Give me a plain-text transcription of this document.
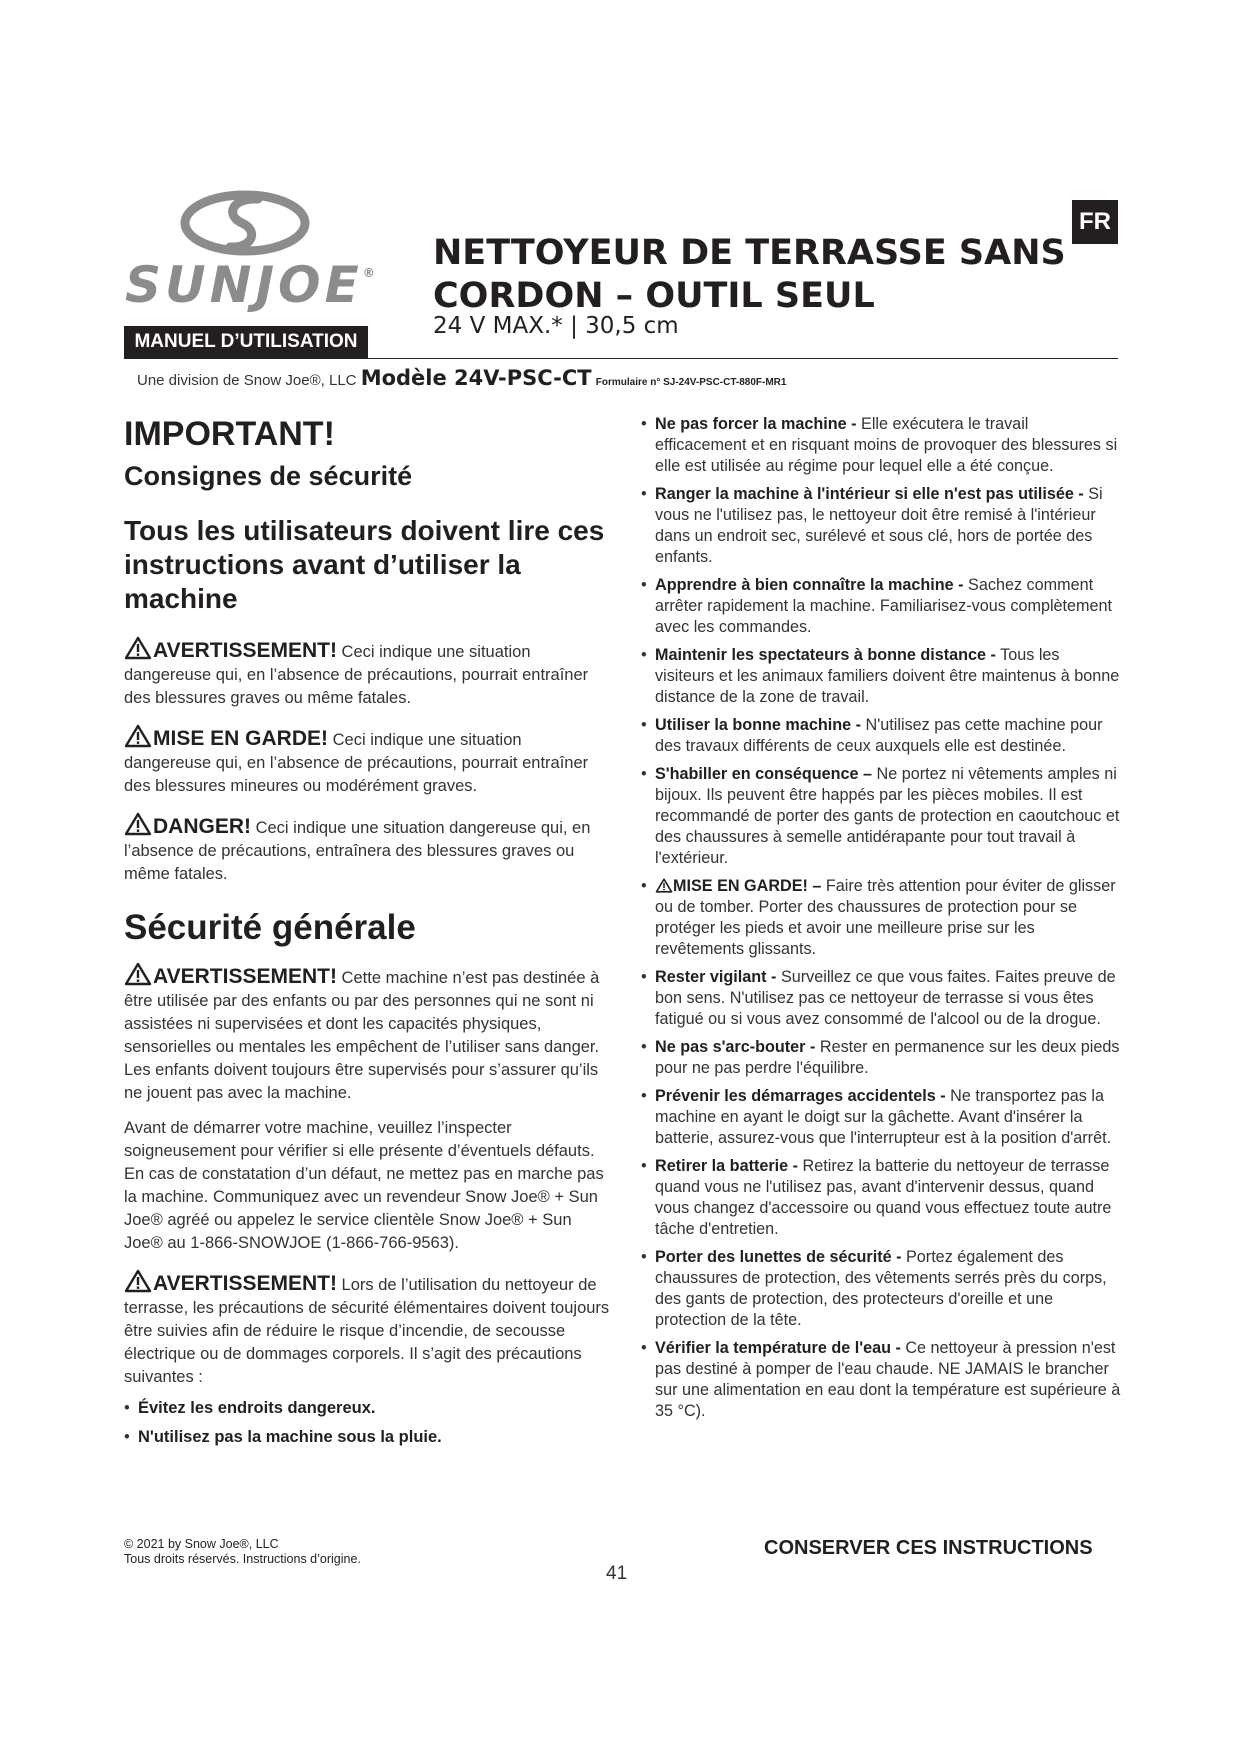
FR
SUNJOE®
MANUEL D’UTILISATION
NETTOYEUR DE TERRASSE SANS
CORDON – OUTIL SEUL
24 V MAX.* | 30,5 cm
Une division de Snow Joe®, LLC Modèle 24V-PSC-CT Formulaire n° SJ-24V-PSC-CT-880F-MR1
IMPORTANT!
Consignes de sécurité
Tous les utilisateurs doivent lire ces instructions avant d’utiliser la machine

AVERTISSEMENT! Ceci indique une situation dangereuse qui, en l’absence de précautions, pourrait entraîner des blessures graves ou même fatales.

MISE EN GARDE! Ceci indique une situation dangereuse qui, en l’absence de précautions, pourrait entraîner des blessures mineures ou modérément graves.

DANGER! Ceci indique une situation dangereuse qui, en l’absence de précautions, entraînera des blessures graves ou même fatales.

Sécurité générale

AVERTISSEMENT! Cette machine n’est pas destinée à être utilisée par des enfants ou par des personnes qui ne sont ni assistées ni supervisées et dont les capacités physiques, sensorielles ou mentales les empêchent de l’utiliser sans danger. Les enfants doivent toujours être supervisés pour s’assurer qu’ils ne jouent pas avec la machine.

Avant de démarrer votre machine, veuillez l’inspecter soigneusement pour vérifier si elle présente d’éventuels défauts. En cas de constatation d’un défaut, ne mettez pas en marche pas la machine. Communiquez avec un revendeur Snow Joe® + Sun Joe® agréé ou appelez le service clientèle Snow Joe® + Sun Joe® au 1-866-SNOWJOE (1-866-766-9563).

AVERTISSEMENT! Lors de l’utilisation du nettoyeur de terrasse, les précautions de sécurité élémentaires doivent toujours être suivies afin de réduire le risque d’incendie, de secousse électrique ou de dommages corporels. Il s’agit des précautions suivantes :

• Évitez les endroits dangereux.
• N'utilisez pas la machine sous la pluie.
• Ne pas forcer la machine - Elle exécutera le travail efficacement et en risquant moins de provoquer des blessures si elle est utilisée au régime pour lequel elle a été conçue.
• Ranger la machine à l'intérieur si elle n'est pas utilisée - Si vous ne l'utilisez pas, le nettoyeur doit être remisé à l'intérieur dans un endroit sec, surélevé et sous clé, hors de portée des enfants.
• Apprendre à bien connaître la machine - Sachez comment arrêter rapidement la machine. Familiarisez-vous complètement avec les commandes.
• Maintenir les spectateurs à bonne distance - Tous les visiteurs et les animaux familiers doivent être maintenus à bonne distance de la zone de travail.
• Utiliser la bonne machine - N'utilisez pas cette machine pour des travaux différents de ceux auxquels elle est destinée.
• S'habiller en conséquence – Ne portez ni vêtements amples ni bijoux. Ils peuvent être happés par les pièces mobiles. Il est recommandé de porter des gants de protection en caoutchouc et des chaussures à semelle antidérapante pour tout travail à l'extérieur.
• MISE EN GARDE! – Faire très attention pour éviter de glisser ou de tomber. Porter des chaussures de protection pour se protéger les pieds et avoir une meilleure prise sur les revêtements glissants.
• Rester vigilant - Surveillez ce que vous faites. Faites preuve de bon sens. N'utilisez pas ce nettoyeur de terrasse si vous êtes fatigué ou si vous avez consommé de l'alcool ou de la drogue.
• Ne pas s'arc-bouter - Rester en permanence sur les deux pieds pour ne pas perdre l'équilibre.
• Prévenir les démarrages accidentels - Ne transportez pas la machine en ayant le doigt sur la gâchette. Avant d'insérer la batterie, assurez-vous que l'interrupteur est à la position d'arrêt.
• Retirer la batterie - Retirez la batterie du nettoyeur de terrasse quand vous ne l'utilisez pas, avant d'intervenir dessus, quand vous changez d'accessoire ou quand vous effectuez toute autre tâche d'entretien.
• Porter des lunettes de sécurité - Portez également des chaussures de protection, des vêtements serrés près du corps, des gants de protection, des protecteurs d'oreille et une protection de la tête.
• Vérifier la température de l'eau - Ce nettoyeur à pression n'est pas destiné à pomper de l'eau chaude. NE JAMAIS le brancher sur une alimentation en eau dont la température est supérieure à 35 °C).
© 2021 by Snow Joe®, LLC
Tous droits réservés. Instructions d’origine.	CONSERVER CES INSTRUCTIONS
41
